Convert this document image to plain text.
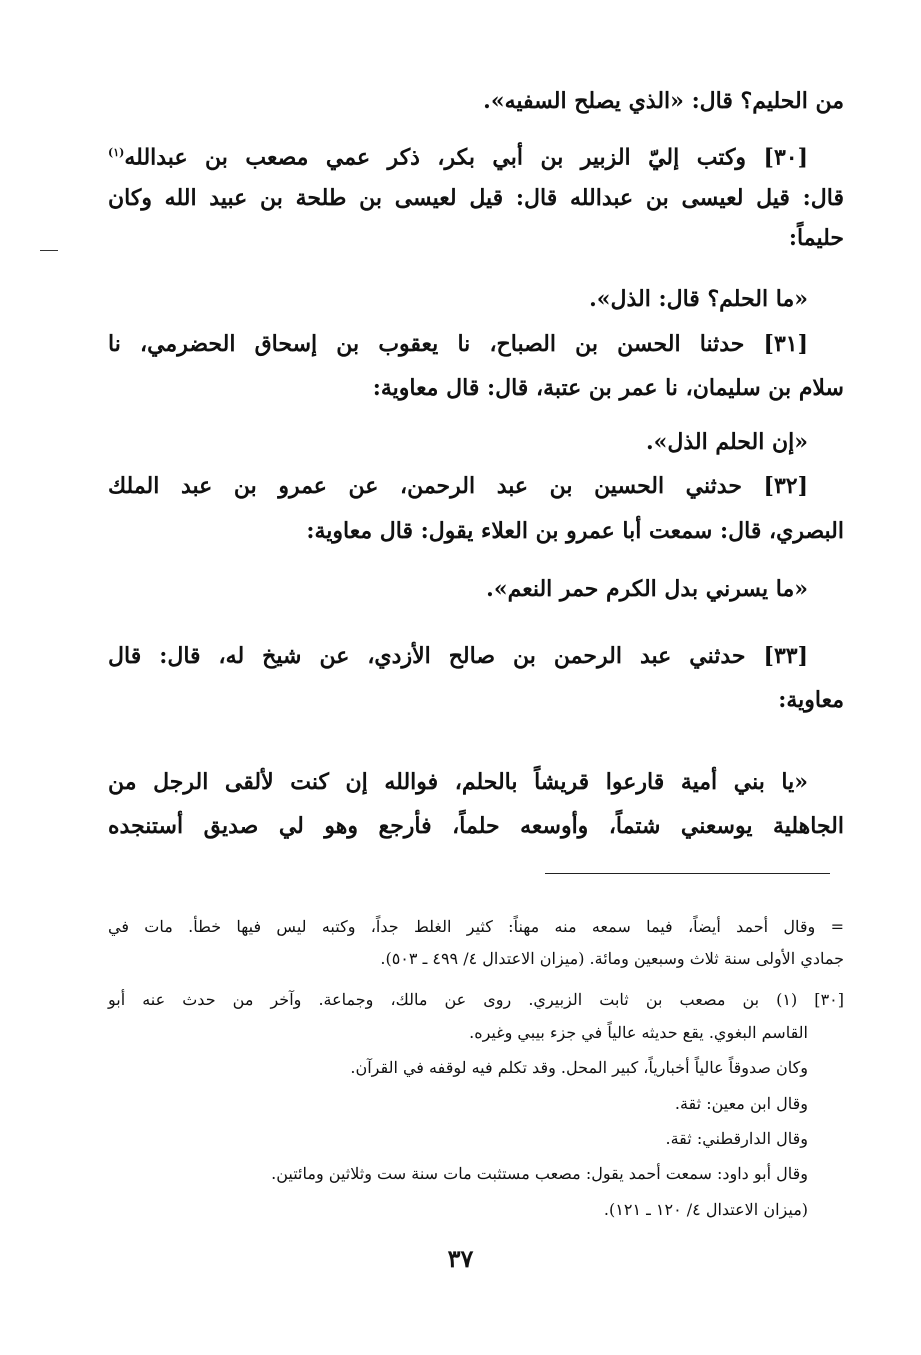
من الحليم؟ قال: «الذي يصلح السفيه».
[٣٠] وكتب إليّ الزبير بن أبي بكر، ذكر عمي مصعب بن عبدالله$^{(١)}$
قال: قيل لعيسى بن عبدالله قال: قيل لعيسى بن طلحة بن عبيد الله وكان
حليماً:
«ما الحلم؟ قال: الذل».
[٣١] حدثنا الحسن بن الصباح، نا يعقوب بن إسحاق الحضرمي، نا
سلام بن سليمان، نا عمر بن عتبة، قال: قال معاوية:
«إن الحلم الذل».
[٣٢] حدثني الحسين بن عبد الرحمن، عن عمرو بن عبد الملك
البصري، قال: سمعت أبا عمرو بن العلاء يقول: قال معاوية:
«ما يسرني بدل الكرم حمر النعم».
[٣٣] حدثني عبد الرحمن بن صالح الأزدي، عن شيخ له، قال: قال
معاوية:
«يا بني أمية قارعوا قريشاً بالحلم، فوالله إن كنت لألقى الرجل من
الجاهلية يوسعني شتماً، وأوسعه حلماً، فأرجع وهو لي صديق أستنجده
= وقال أحمد أيضاً، فيما سمعه منه مهناً: كثير الغلط جداً، وكتبه ليس فيها خطأ. مات في
جمادي الأولى سنة ثلاث وسبعين ومائة. (ميزان الاعتدال ٤/ ٤٩٩ ـ ٥٠٣).
[٣٠] (١) بن مصعب بن ثابت الزبيري. روى عن مالك، وجماعة. وآخر من حدث عنه أبو
القاسم البغوي. يقع حديثه عالياً في جزء بيبي وغيره.
وكان صدوقاً عالياً أخبارياً، كبير المحل. وقد تكلم فيه لوقفه في القرآن.
وقال ابن معين: ثقة.
وقال الدارقطني: ثقة.
وقال أبو داود: سمعت أحمد يقول: مصعب مستثبت مات سنة ست وثلاثين ومائتين.
(ميزان الاعتدال ٤/ ١٢٠ ـ ١٢١).
٣٧
